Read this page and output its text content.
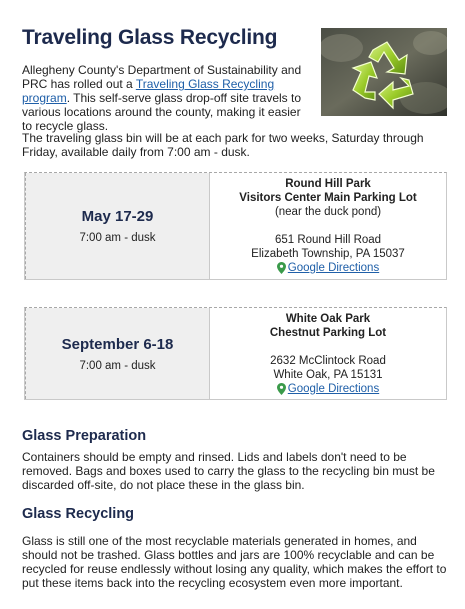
Traveling Glass Recycling

Allegheny County's Department of Sustainability and PRC has rolled out a Traveling Glass Recycling program. This self-serve glass drop-off site travels to various locations around the county, making it easier to recycle glass.

The traveling glass bin will be at each park for two weeks, Saturday through Friday, available daily from 7:00 am - dusk.

May 17-29
7:00 am - dusk
Round Hill Park
Visitors Center Main Parking Lot
(near the duck pond)
651 Round Hill Road
Elizabeth Township, PA 15037
Google Directions
September 6-18
7:00 am - dusk
White Oak Park
Chestnut Parking Lot
2632 McClintock Road
White Oak, PA 15131
Google Directions
Glass Preparation

Containers should be empty and rinsed. Lids and labels don't need to be removed. Bags and boxes used to carry the glass to the recycling bin must be discarded off-site, do not place these in the glass bin.

Glass Recycling

Glass is still one of the most recyclable materials generated in homes, and should not be trashed. Glass bottles and jars are 100% recyclable and can be recycled for reuse endlessly without losing any quality, which makes the effort to put these items back into the recycling ecosystem even more important.
